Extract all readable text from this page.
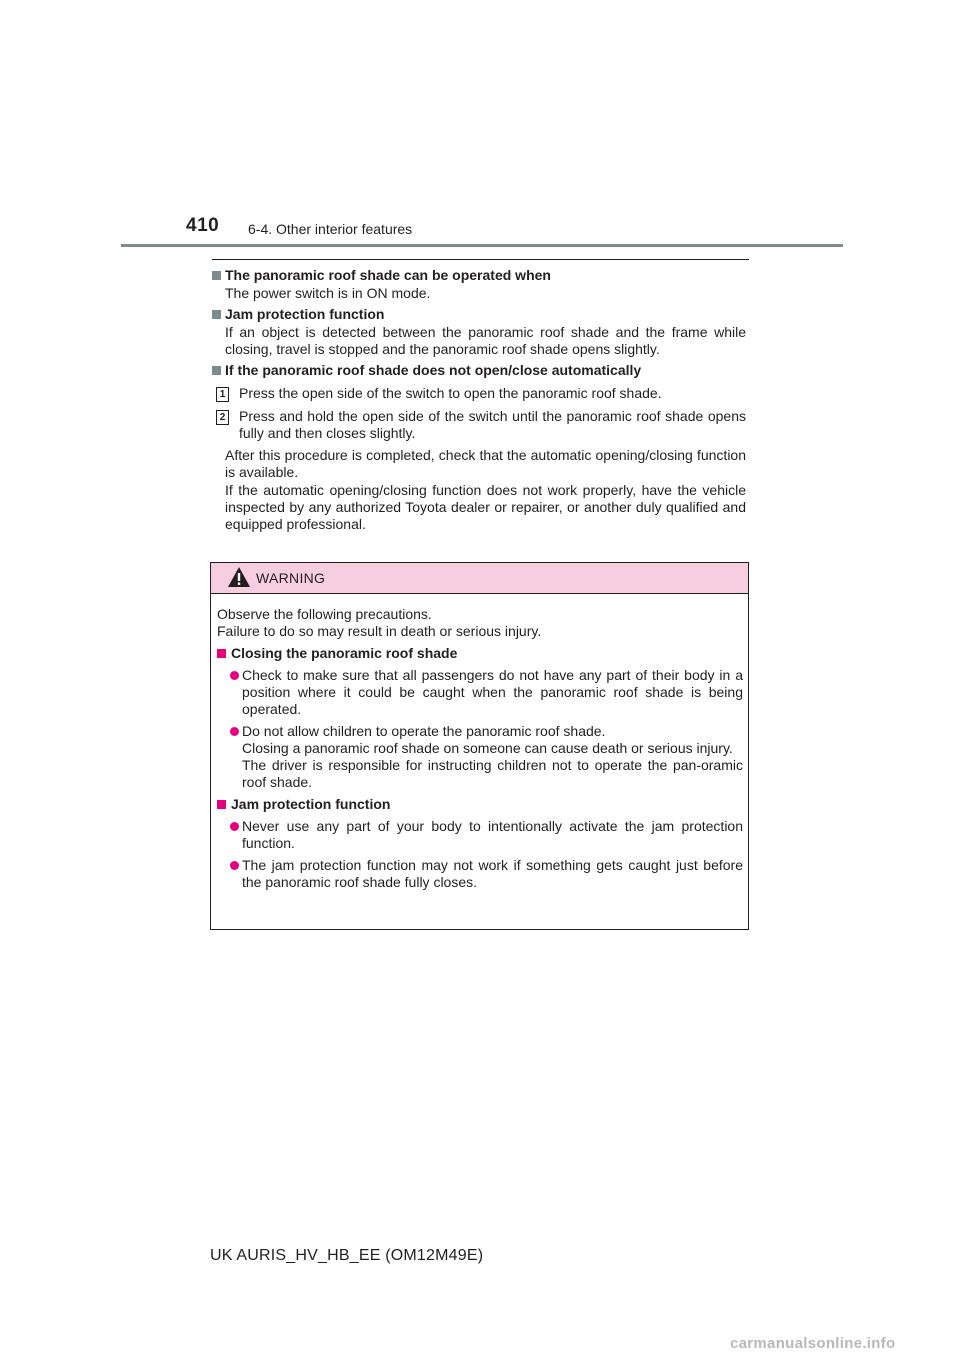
410 6-4. Other interior features
The panoramic roof shade can be operated when
The power switch is in ON mode.
Jam protection function
If an object is detected between the panoramic roof shade and the frame while closing, travel is stopped and the panoramic roof shade opens slightly.
If the panoramic roof shade does not open/close automatically
1 Press the open side of the switch to open the panoramic roof shade.
2 Press and hold the open side of the switch until the panoramic roof shade opens fully and then closes slightly.
After this procedure is completed, check that the automatic opening/closing function is available.
If the automatic opening/closing function does not work properly, have the vehicle inspected by any authorized Toyota dealer or repairer, or another duly qualified and equipped professional.
WARNING
Observe the following precautions.
Failure to do so may result in death or serious injury.
Closing the panoramic roof shade
Check to make sure that all passengers do not have any part of their body in a position where it could be caught when the panoramic roof shade is being operated.
Do not allow children to operate the panoramic roof shade.
Closing a panoramic roof shade on someone can cause death or serious injury.
The driver is responsible for instructing children not to operate the pan-oramic roof shade.
Jam protection function
Never use any part of your body to intentionally activate the jam protection function.
The jam protection function may not work if something gets caught just before the panoramic roof shade fully closes.
UK AURIS_HV_HB_EE (OM12M49E)
carmanualsonline.info
